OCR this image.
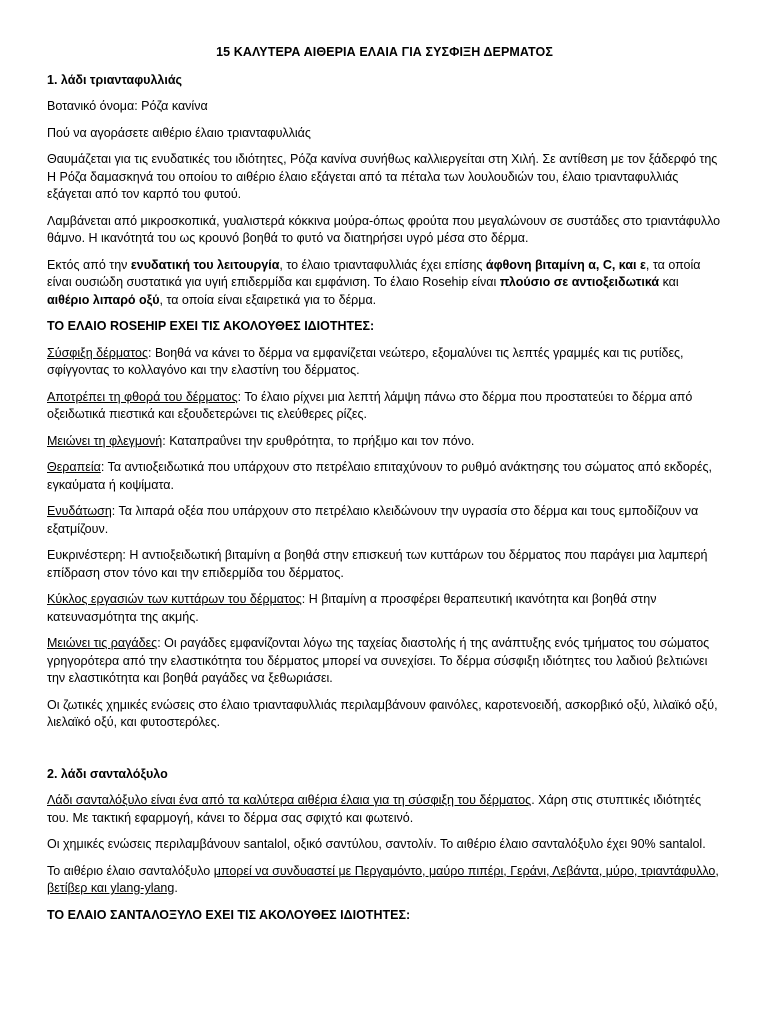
15 ΚΑΛΥΤΕΡΑ ΑΙΘΕΡΙΑ ΕΛΑΙΑ ΓΙΑ ΣΥΣΦΙΞΗ ΔΕΡΜΑΤΟΣ
1. λάδι τριανταφυλλιάς

Βοτανικό όνομα: Ρόζα κανίνα

Πού να αγοράσετε αιθέριο έλαιο τριανταφυλλιάς

Θαυμάζεται για τις ενυδατικές του ιδιότητες, Ρόζα κανίνα συνήθως καλλιεργείται στη Χιλή. Σε αντίθεση με τον ξάδερφό της Η Ρόζα δαμασκηνά του οποίου το αιθέριο έλαιο εξάγεται από τα πέταλα των λουλουδιών του, έλαιο τριανταφυλλιάς εξάγεται από τον καρπό του φυτού.

Λαμβάνεται από μικροσκοπικά, γυαλιστερά κόκκινα μούρα-όπως φρούτα που μεγαλώνουν σε συστάδες στο τριαντάφυλλο θάμνο. Η ικανότητά του ως κρουνό βοηθά το φυτό να διατηρήσει υγρό μέσα στο δέρμα.

Εκτός από την ενυδατική του λειτουργία, το έλαιο τριανταφυλλιάς έχει επίσης άφθονη βιταμίνη α, C, και ε, τα οποία είναι ουσιώδη συστατικά για υγιή επιδερμίδα και εμφάνιση. Το έλαιο Rosehip είναι πλούσιο σε αντιοξειδωτικά και αιθέριο λιπαρό οξύ, τα οποία είναι εξαιρετικά για το δέρμα.

ΤΟ ΕΛΑΙΟ ROSEHIP ΕΧΕΙ ΤΙΣ ΑΚΟΛΟΥΘΕΣ ΙΔΙΟΤΗΤΕΣ:

Σύσφιξη δέρματος: Βοηθά να κάνει το δέρμα να εμφανίζεται νεώτερο, εξομαλύνει τις λεπτές γραμμές και τις ρυτίδες, σφίγγοντας το κολλαγόνο και την ελαστίνη του δέρματος.

Αποτρέπει τη φθορά του δέρματος: Το έλαιο ρίχνει μια λεπτή λάμψη πάνω στο δέρμα που προστατεύει το δέρμα από οξειδωτικά πιεστικά και εξουδετερώνει τις ελεύθερες ρίζες.

Μειώνει τη φλεγμονή: Καταπραΰνει την ερυθρότητα, το πρήξιμο και τον πόνο.

Θεραπεία: Τα αντιοξειδωτικά που υπάρχουν στο πετρέλαιο επιταχύνουν το ρυθμό ανάκτησης του σώματος από εκδορές, εγκαύματα ή κοψίματα.

Ενυδάτωση: Τα λιπαρά οξέα που υπάρχουν στο πετρέλαιο κλειδώνουν την υγρασία στο δέρμα και τους εμποδίζουν να εξατμίζουν.

Ευκρινέστερη: Η αντιοξειδωτική βιταμίνη α βοηθά στην επισκευή των κυττάρων του δέρματος που παράγει μια λαμπερή επίδραση στον τόνο και την επιδερμίδα του δέρματος.

Κύκλος εργασιών των κυττάρων του δέρματος: Η βιταμίνη α προσφέρει θεραπευτική ικανότητα και βοηθά στην κατευνασμότητα της ακμής.

Μειώνει τις ραγάδες: Οι ραγάδες εμφανίζονται λόγω της ταχείας διαστολής ή της ανάπτυξης ενός τμήματος του σώματος γρηγορότερα από την ελαστικότητα του δέρματος μπορεί να συνεχίσει. Το δέρμα σύσφιξη ιδιότητες του λαδιού βελτιώνει την ελαστικότητα και βοηθά ραγάδες να ξεθωριάσει.

Οι ζωτικές χημικές ενώσεις στο έλαιο τριανταφυλλιάς περιλαμβάνουν φαινόλες, καροτενοειδή, ασκορβικό οξύ, λιλαϊκό οξύ, λιελαϊκό οξύ, και φυτοστερόλες.

2. λάδι σανταλόξυλο

Λάδι σανταλόξυλο είναι ένα από τα καλύτερα αιθέρια έλαια για τη σύσφιξη του δέρματος. Χάρη στις στυπτικές ιδιότητές του. Με τακτική εφαρμογή, κάνει το δέρμα σας σφιχτό και φωτεινό.

Οι χημικές ενώσεις περιλαμβάνουν santalol, οξικό σαντύλου, σαντολίν. Το αιθέριο έλαιο σανταλόξυλο έχει 90% santalol.

Το αιθέριο έλαιο σανταλόξυλο μπορεί να συνδυαστεί με Περγαμόντο, μαύρο πιπέρι, Γεράνι, Λεβάντα, μύρο, τριαντάφυλλο, βετίβερ και ylang-ylang.

ΤΟ ΕΛΑΙΟ ΣΑΝΤΑΛΟΞΥΛΟ ΕΧΕΙ ΤΙΣ ΑΚΟΛΟΥΘΕΣ ΙΔΙΟΤΗΤΕΣ:
